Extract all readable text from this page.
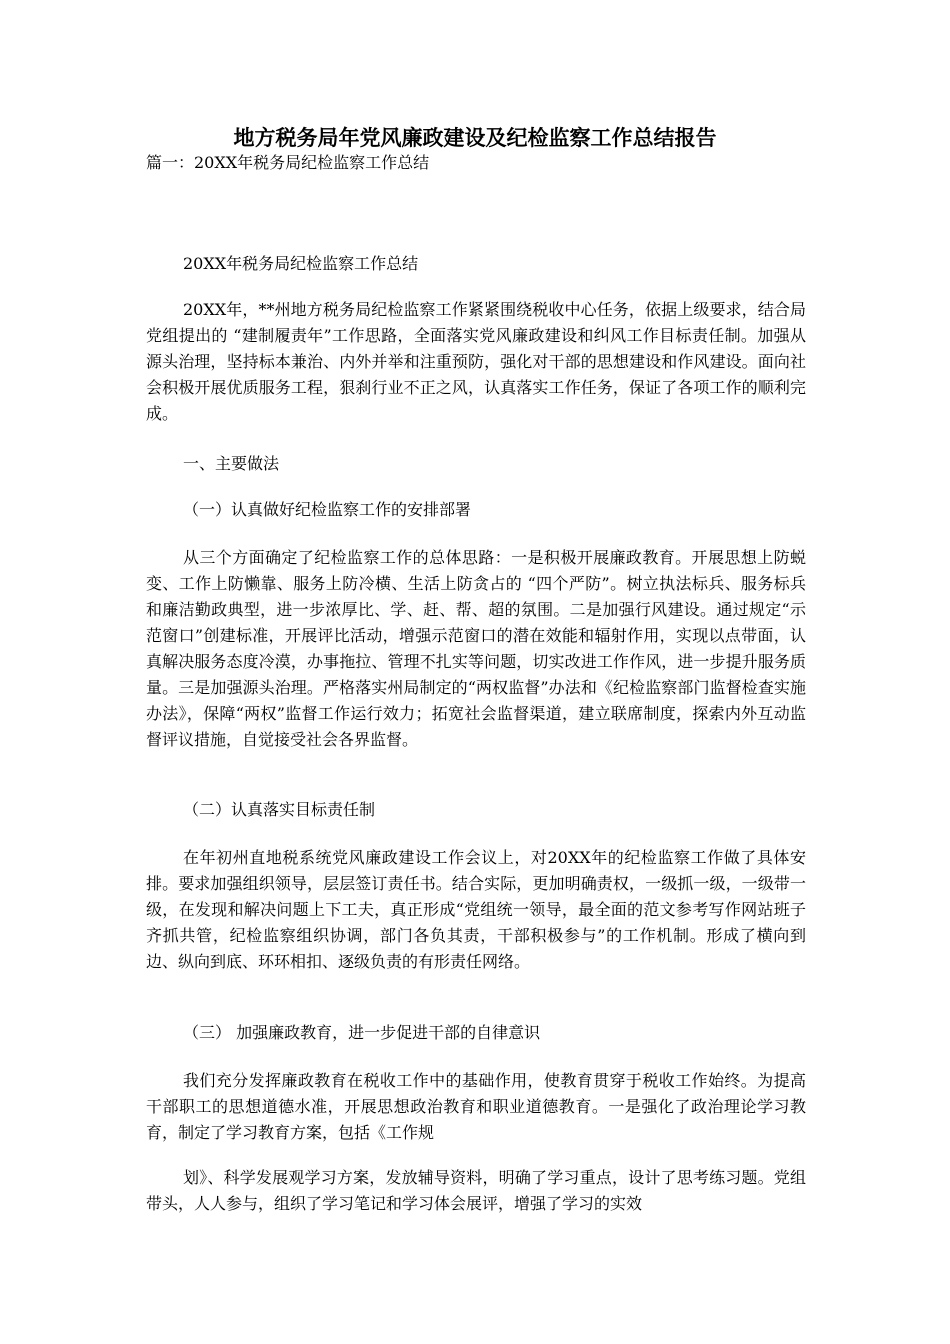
地方税务局年党风廉政建设及纪检监察工作总结报告
篇一：20XX年税务局纪检监察工作总结

20XX年税务局纪检监察工作总结

20XX年，**州地方税务局纪检监察工作紧紧围绕税收中心任务，依据上级要求，结合局党组提出的 “建制履责年”工作思路，全面落实党风廉政建设和纠风工作目标责任制。加强从源头治理，坚持标本兼治、内外并举和注重预防，强化对干部的思想建设和作风建设。面向社会积极开展优质服务工程，狠刹行业不正之风，认真落实工作任务，保证了各项工作的顺利完成。

一、主要做法

（一）认真做好纪检监察工作的安排部署

从三个方面确定了纪检监察工作的总体思路：一是积极开展廉政教育。开展思想上防蜕变、工作上防懒靠、服务上防冷横、生活上防贪占的 “四个严防”。树立执法标兵、服务标兵和廉洁勤政典型，进一步浓厚比、学、赶、帮、超的氛围。二是加强行风建设。通过规定“示范窗口”创建标准，开展评比活动，增强示范窗口的潜在效能和辐射作用，实现以点带面，认真解决服务态度冷漠，办事拖拉、管理不扎实等问题，切实改进工作作风，进一步提升服务质量。三是加强源头治理。严格落实州局制定的“两权监督”办法和《纪检监察部门监督检查实施办法》，保障“两权”监督工作运行效力；拓宽社会监督渠道，建立联席制度，探索内外互动监督评议措施，自觉接受社会各界监督。

（二）认真落实目标责任制

在年初州直地税系统党风廉政建设工作会议上，对20XX年的纪检监察工作做了具体安排。要求加强组织领导，层层签订责任书。结合实际，更加明确责权，一级抓一级，一级带一级，在发现和解决问题上下工夫，真正形成“党组统一领导，最全面的范文参考写作网站班子齐抓共管，纪检监察组织协调，部门各负其责，干部积极参与”的工作机制。形成了横向到边、纵向到底、环环相扣、逐级负责的有形责任网络。

（三） 加强廉政教育，进一步促进干部的自律意识

我们充分发挥廉政教育在税收工作中的基础作用，使教育贯穿于税收工作始终。为提高干部职工的思想道德水准，开展思想政治教育和职业道德教育。一是强化了政治理论学习教育，制定了学习教育方案，包括《工作规

划》、科学发展观学习方案，发放辅导资料，明确了学习重点，设计了思考练习题。党组带头，人人参与，组织了学习笔记和学习体会展评，增强了学习的实效
